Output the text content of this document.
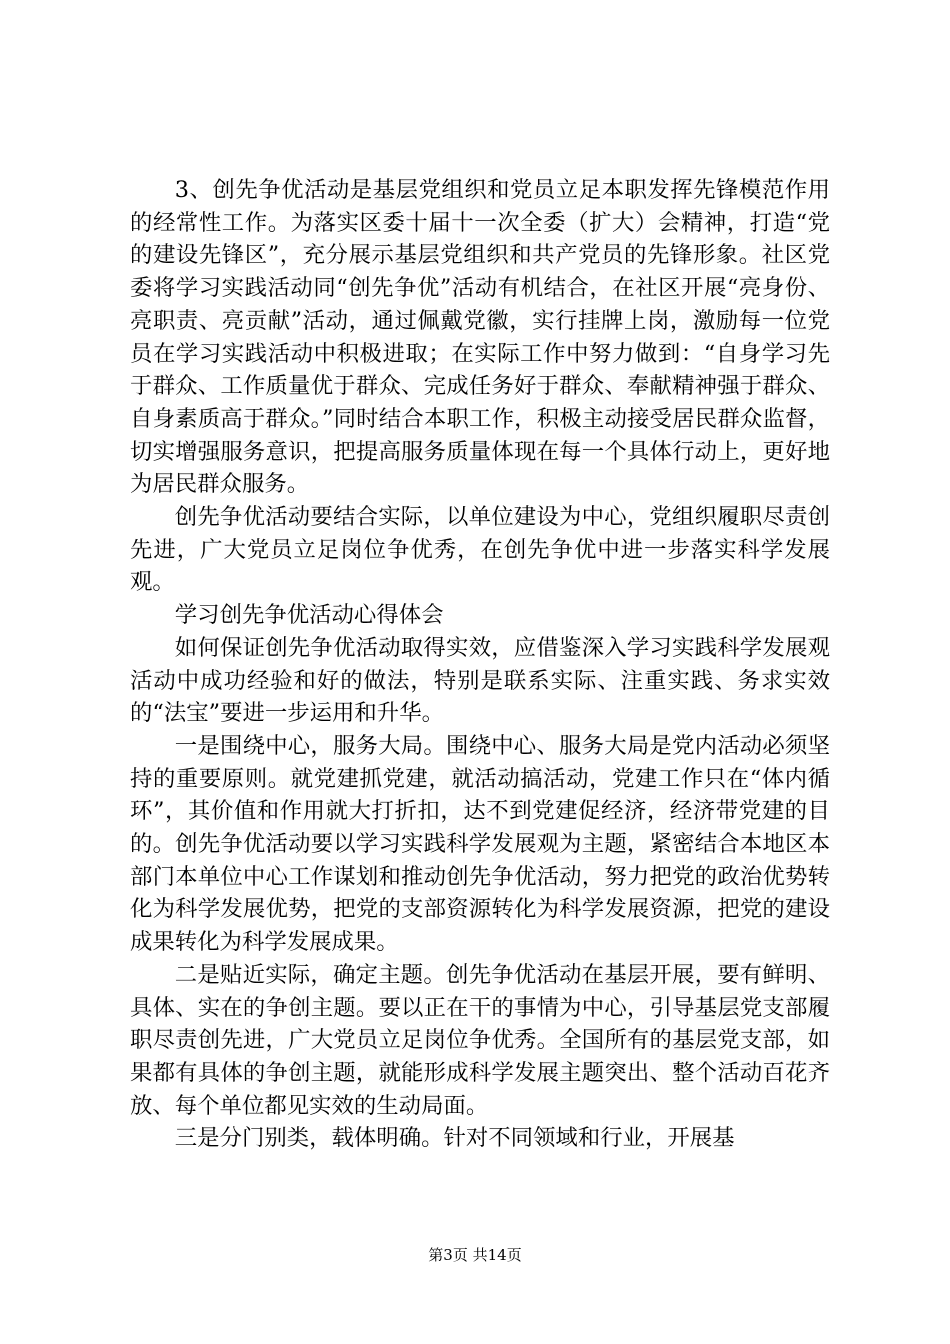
3、创先争优活动是基层党组织和党员立足本职发挥先锋模范作用的经常性工作。为落实区委十届十一次全委（扩大）会精神，打造“党的建设先锋区”，充分展示基层党组织和共产党员的先锋形象。社区党委将学习实践活动同“创先争优”活动有机结合，在社区开展“亮身份、亮职责、亮贡献”活动，通过佩戴党徽，实行挂牌上岗，激励每一位党员在学习实践活动中积极进取；在实际工作中努力做到：“自身学习先于群众、工作质量优于群众、完成任务好于群众、奉献精神强于群众、自身素质高于群众。”同时结合本职工作，积极主动接受居民群众监督，切实增强服务意识，把提高服务质量体现在每一个具体行动上，更好地为居民群众服务。

创先争优活动要结合实际，以单位建设为中心，党组织履职尽责创先进，广大党员立足岗位争优秀，在创先争优中进一步落实科学发展观。

学习创先争优活动心得体会

如何保证创先争优活动取得实效，应借鉴深入学习实践科学发展观活动中成功经验和好的做法，特别是联系实际、注重实践、务求实效的“法宝”要进一步运用和升华。

一是围绕中心，服务大局。围绕中心、服务大局是党内活动必须坚持的重要原则。就党建抓党建，就活动搞活动，党建工作只在“体内循环”，其价值和作用就大打折扣，达不到党建促经济，经济带党建的目的。创先争优活动要以学习实践科学发展观为主题，紧密结合本地区本部门本单位中心工作谋划和推动创先争优活动，努力把党的政治优势转化为科学发展优势，把党的支部资源转化为科学发展资源，把党的建设成果转化为科学发展成果。

二是贴近实际，确定主题。创先争优活动在基层开展，要有鲜明、具体、实在的争创主题。要以正在干的事情为中心，引导基层党支部履职尽责创先进，广大党员立足岗位争优秀。全国所有的基层党支部，如果都有具体的争创主题，就能形成科学发展主题突出、整个活动百花齐放、每个单位都见实效的生动局面。

三是分门别类，载体明确。针对不同领域和行业，开展基

第3页 共14页
